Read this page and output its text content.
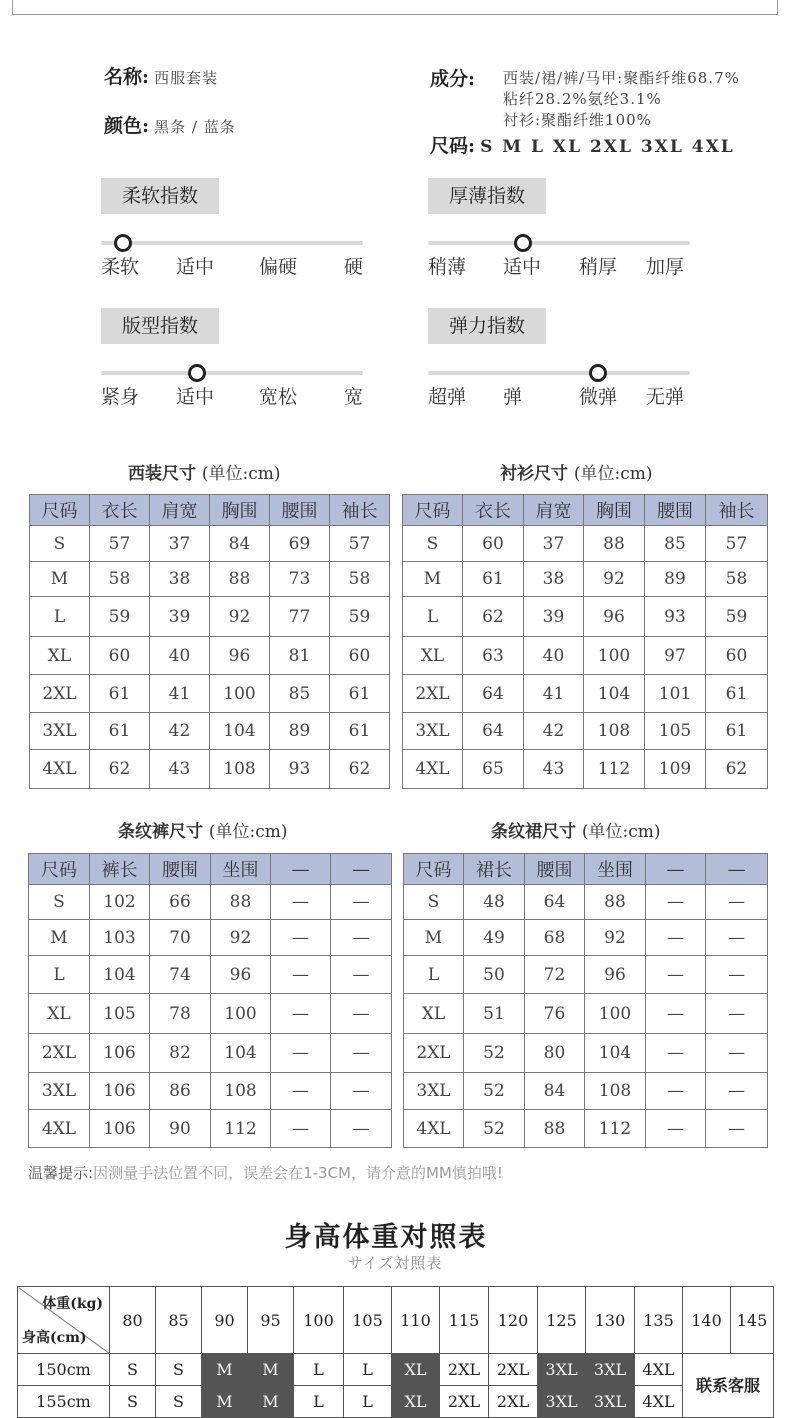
名称: 西服套装
颜色: 黑条 / 蓝条
成分: 西装/裙/裤/马甲:聚酯纤维68.7%
粘纤28.2%氨纶3.1%
衬衫:聚酯纤维100%
尺码: S M L XL 2XL 3XL 4XL
柔软指数
柔软 适中 偏硬 硬
厚薄指数
稍薄 适中 稍厚 加厚
版型指数
紧身 适中 宽松 宽
弹力指数
超弹 弹	微弹 无弹
西装尺寸 (单位:cm)
尺码	衣长	肩宽	胸围	腰围	袖长
S	57	37	84	69	57
M	58	38	88	73	58
L	59	39	92	77	59
XL	60	40	96	81	60
2XL	61	41	100	85	61
3XL	61	42	104	89	61
4XL	62	43	108	93	62
衬衫尺寸 (单位:cm)
尺码	衣长	肩宽	胸围	腰围	袖长
S	60	37	88	85	57
M	61	38	92	89	58
L	62	39	96	93	59
XL	63	40	100	97	60
2XL	64	41	104	101	61
3XL	64	42	108	105	61
4XL	65	43	112	109	62
条纹裤尺寸 (单位:cm)
尺码	裤长	腰围	坐围	—	—
S	102	66	88	—	—
M	103	70	92	—	—
L	104	74	96	—	—
XL	105	78	100	—	—
2XL	106	82	104	—	—
3XL	106	86	108	—	—
4XL	106	90	112	—	—
条纹裙尺寸 (单位:cm)
尺码	裙长	腰围	坐围	—	—
S	48	64	88	—	—
M	49	68	92	—	—
L	50	72	96	—	—
XL	51	76	100	—	—
2XL	52	80	104	—	—
3XL	52	84	108	—	—
4XL	52	88	112	—	—
温馨提示:因测量手法位置不同，误差会在1-3CM，请介意的MM慎拍哦!
身高体重对照表
サイズ対照表
体重(kg)
身高(cm)	80	85	90	95	100	105	110	115	120	125	130	135	140	145
150cm	S	S	M	M	L	L	XL	2XL	2XL	3XL	3XL	4XL	联系客服	
155cm	S	S	M	M	L	L	XL	2XL	2XL	3XL	3XL	4XL		
